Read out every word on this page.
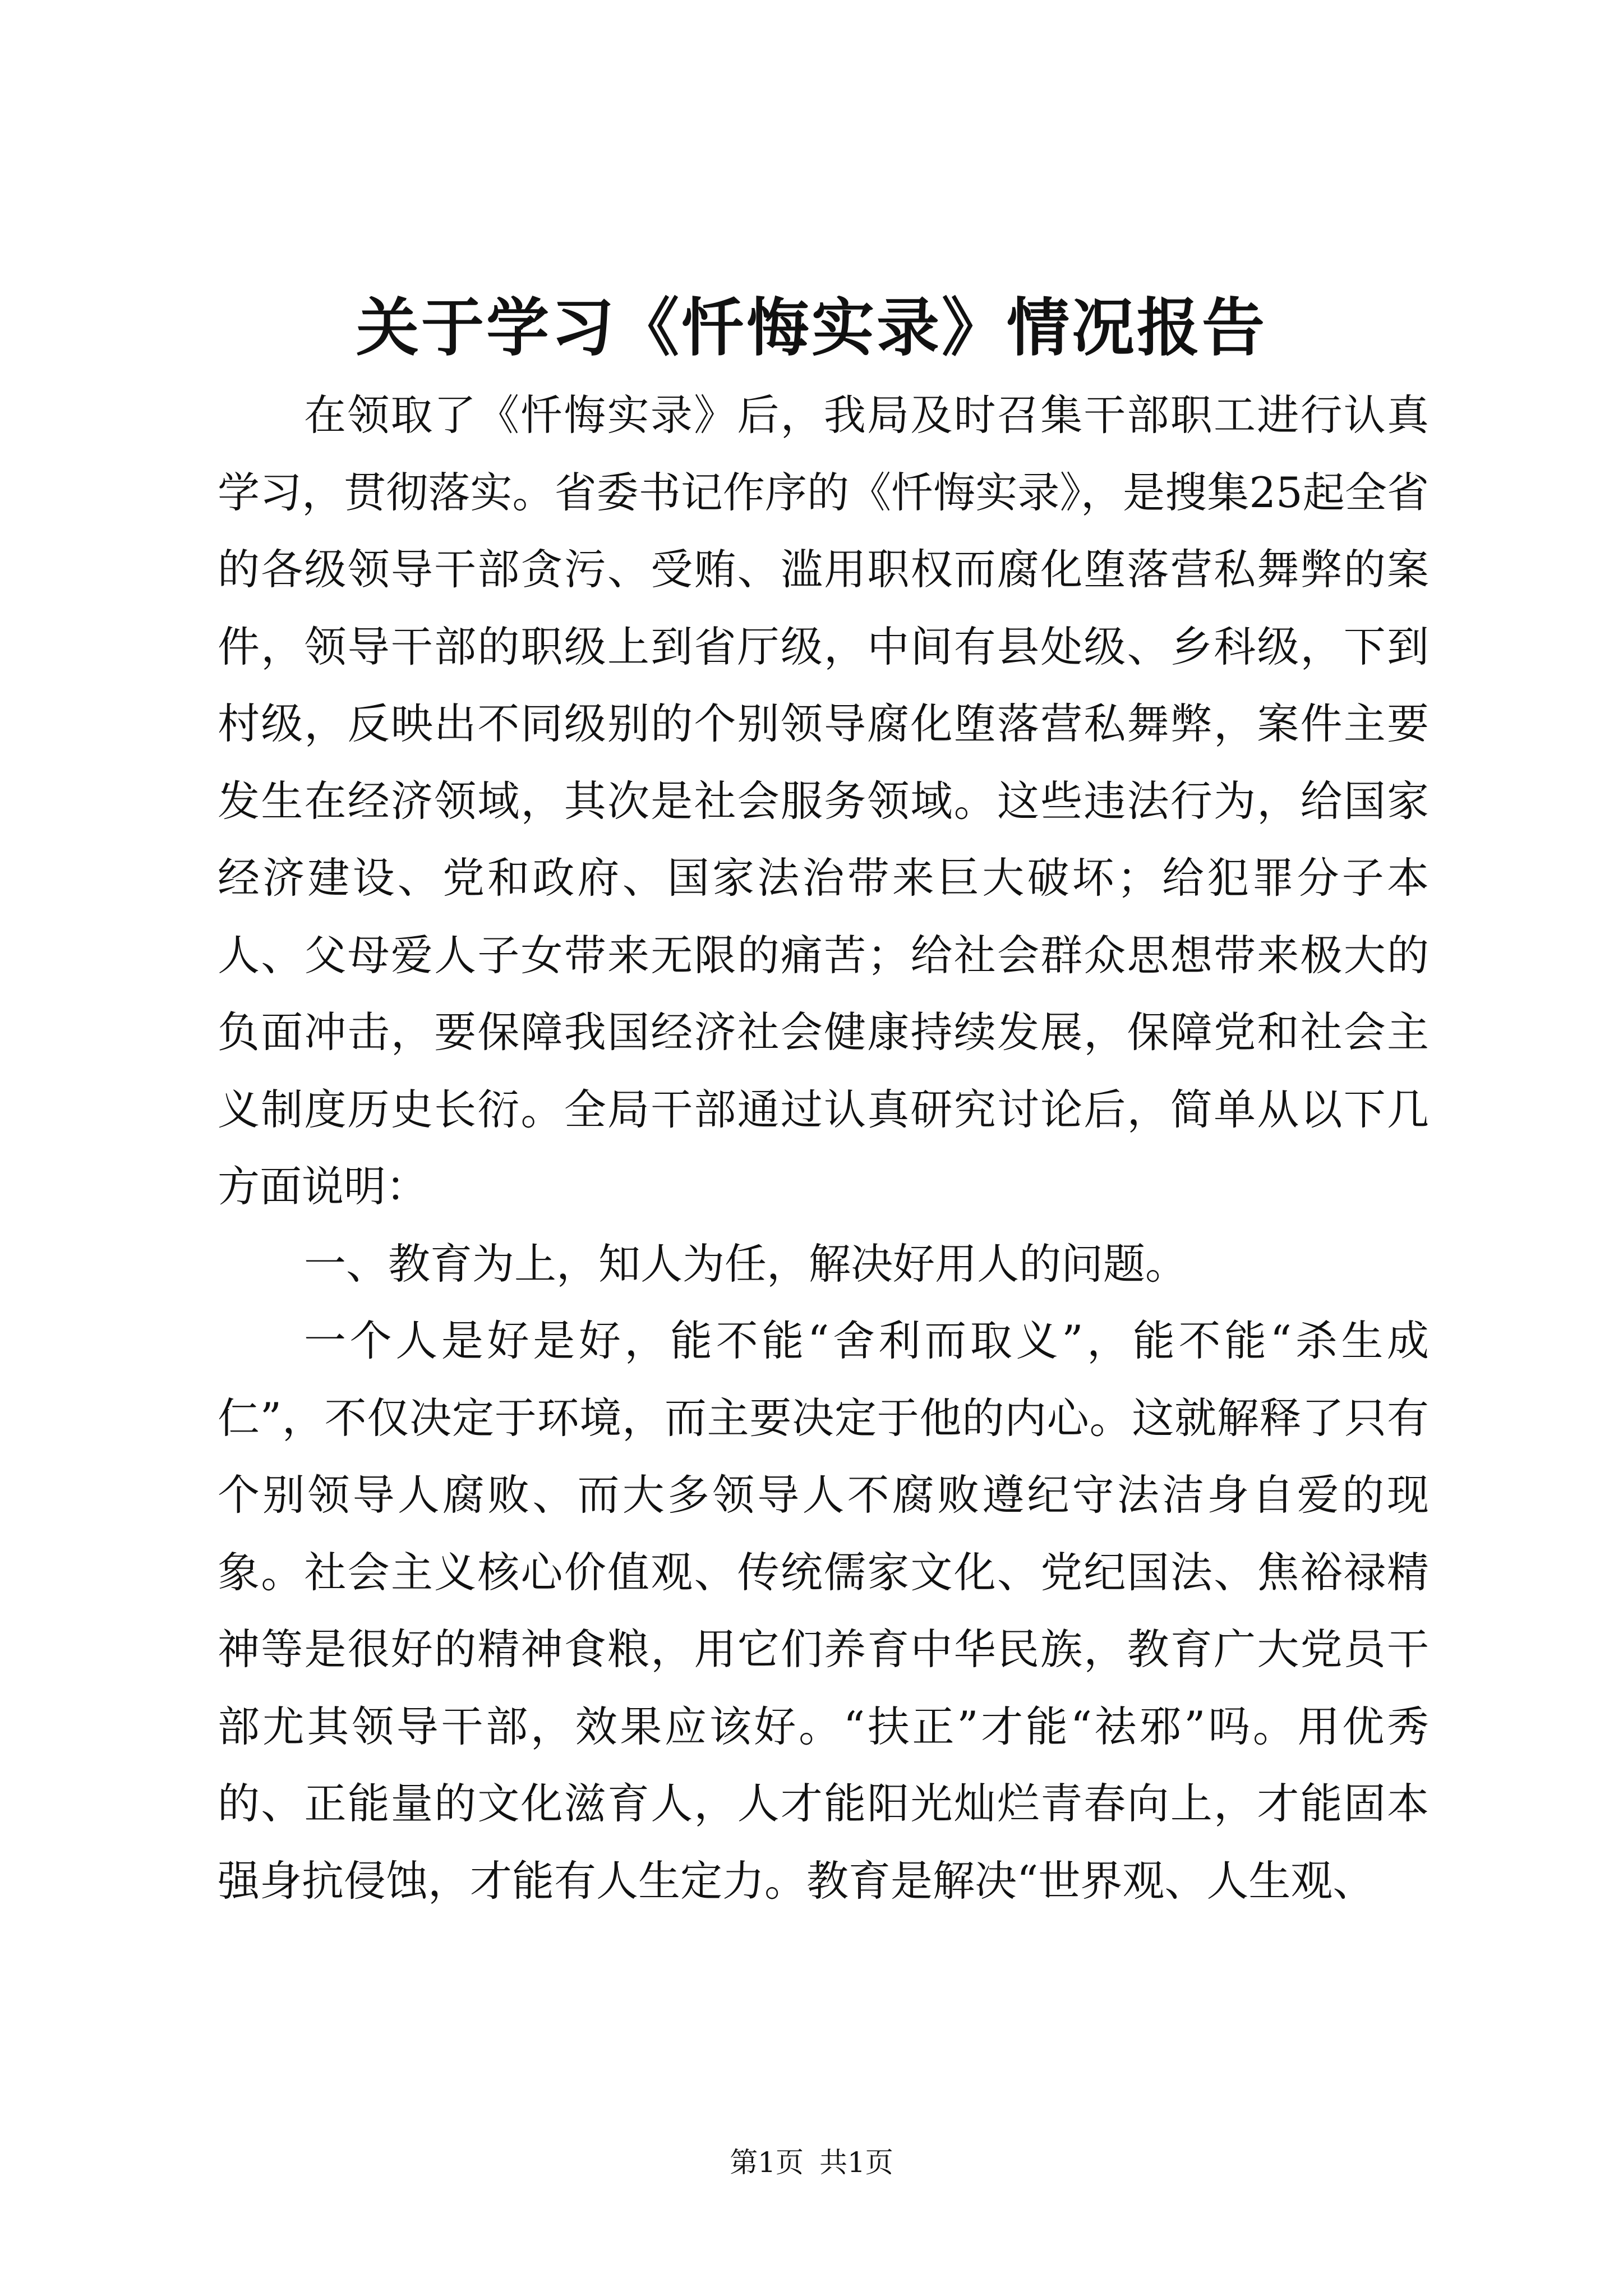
关于学习《忏悔实录》情况报告

在领取了《忏悔实录》后，我局及时召集干部职工进行认真学习，贯彻落实。省委书记作序的《忏悔实录》，是搜集25起全省的各级领导干部贪污、受贿、滥用职权而腐化堕落营私舞弊的案件，领导干部的职级上到省厅级，中间有县处级、乡科级，下到村级，反映出不同级别的个别领导腐化堕落营私舞弊，案件主要发生在经济领域，其次是社会服务领域。这些违法行为，给国家经济建设、党和政府、国家法治带来巨大破坏；给犯罪分子本人、父母爱人子女带来无限的痛苦；给社会群众思想带来极大的负面冲击，要保障我国经济社会健康持续发展，保障党和社会主义制度历史长衍。全局干部通过认真研究讨论后，简单从以下几方面说明：

一、教育为上，知人为任，解决好用人的问题。

一个人是好是好，能不能“舍利而取义”，能不能“杀生成仁”，不仅决定于环境，而主要决定于他的内心。这就解释了只有个别领导人腐败、而大多领导人不腐败遵纪守法洁身自爱的现象。社会主义核心价值观、传统儒家文化、党纪国法、焦裕禄精神等是很好的精神食粮，用它们养育中华民族，教育广大党员干部尤其领导干部，效果应该好。“扶正”才能“祛邪”吗。用优秀的、正能量的文化滋育人，人才能阳光灿烂青春向上，才能固本强身抗侵蚀，才能有人生定力。教育是解决“世界观、人生观、

第1页 共1页
